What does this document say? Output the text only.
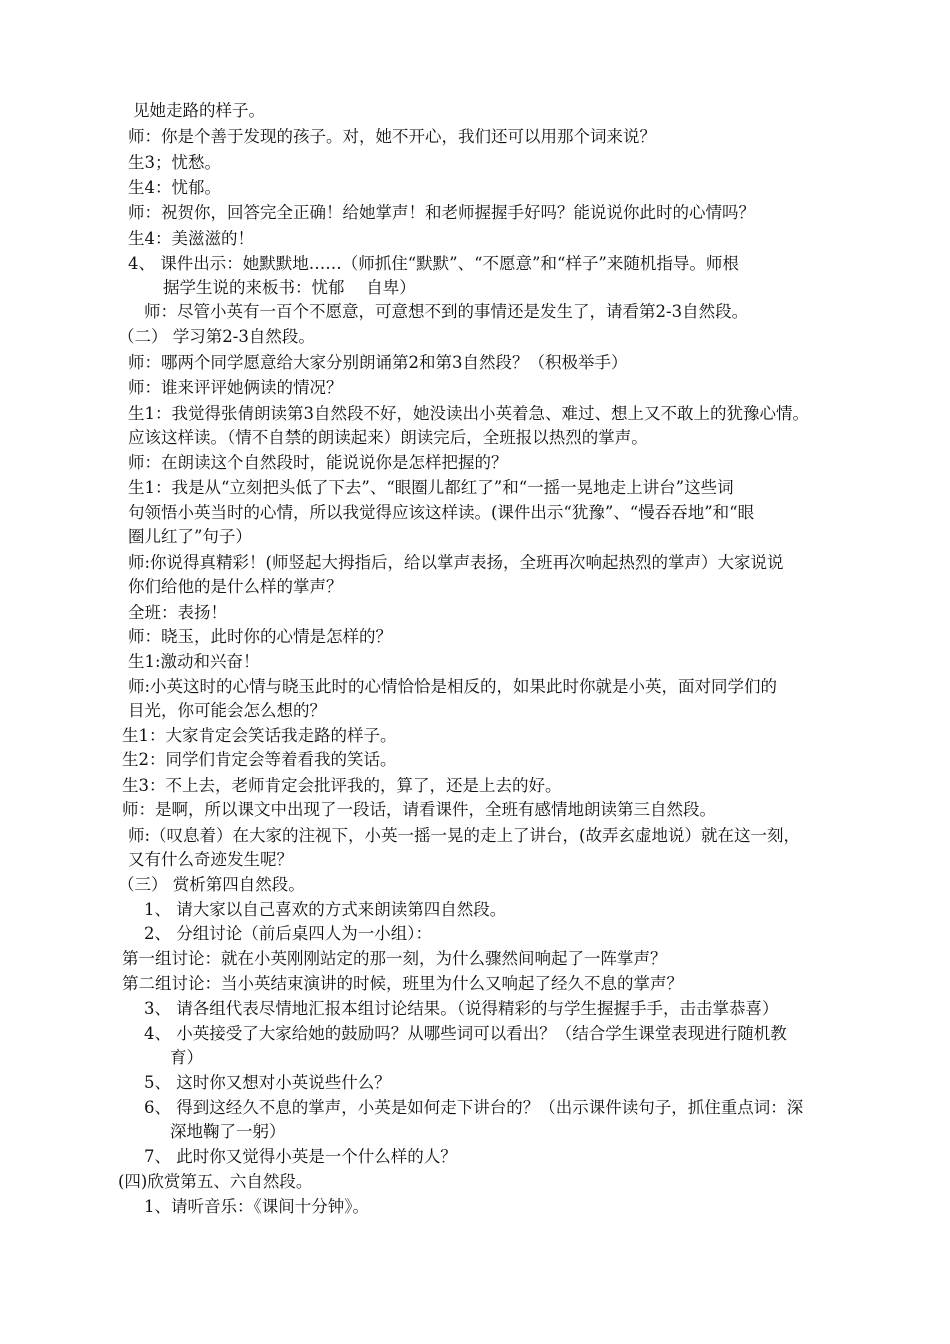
见她走路的样子。
师：你是个善于发现的孩子。对，她不开心，我们还可以用那个词来说？
生3；忧愁。
生4：忧郁。
师：祝贺你，回答完全正确！给她掌声！和老师握握手好吗？能说说你此时的心情吗？
生4：美滋滋的！
4、 课件出示：她默默地……（师抓住“默默”、“不愿意”和“样子”来随机指导。师根
据学生说的来板书：忧郁　 自卑）
师：尽管小英有一百个不愿意，可意想不到的事情还是发生了，请看第2-3自然段。
（二） 学习第2-3自然段。
师：哪两个同学愿意给大家分别朗诵第2和第3自然段？（积极举手）
师：谁来评评她俩读的情况？
生1：我觉得张倩朗读第3自然段不好，她没读出小英着急、难过、想上又不敢上的犹豫心情。
应该这样读。（情不自禁的朗读起来）朗读完后，全班报以热烈的掌声。
师：在朗读这个自然段时，能说说你是怎样把握的？
生1：我是从“立刻把头低了下去”、“眼圈儿都红了”和“一摇一晃地走上讲台”这些词
句领悟小英当时的心情，所以我觉得应该这样读。(课件出示“犹豫”、“慢吞吞地”和“眼
圈儿红了”句子）
师:你说得真精彩！(师竖起大拇指后，给以掌声表扬，全班再次响起热烈的掌声）大家说说
你们给他的是什么样的掌声？
全班：表扬！
师：晓玉，此时你的心情是怎样的？
生1:激动和兴奋！
师:小英这时的心情与晓玉此时的心情恰恰是相反的，如果此时你就是小英，面对同学们的
目光，你可能会怎么想的？
生1：大家肯定会笑话我走路的样子。
生2：同学们肯定会等着看我的笑话。
生3：不上去，老师肯定会批评我的，算了，还是上去的好。
师：是啊，所以课文中出现了一段话，请看课件，全班有感情地朗读第三自然段。
师:（叹息着）在大家的注视下，小英一摇一晃的走上了讲台，(故弄玄虚地说）就在这一刻，
又有什么奇迹发生呢？
（三） 赏析第四自然段。
1、 请大家以自己喜欢的方式来朗读第四自然段。
2、 分组讨论（前后桌四人为一小组）：
第一组讨论：就在小英刚刚站定的那一刻，为什么骤然间响起了一阵掌声？
第二组讨论：当小英结束演讲的时候，班里为什么又响起了经久不息的掌声？
3、 请各组代表尽情地汇报本组讨论结果。（说得精彩的与学生握握手手，击击掌恭喜）
4、 小英接受了大家给她的鼓励吗？从哪些词可以看出？（结合学生课堂表现进行随机教
育）
5、 这时你又想对小英说些什么？
6、 得到这经久不息的掌声，小英是如何走下讲台的？（出示课件读句子，抓住重点词：深
深地鞠了一躬）
7、 此时你又觉得小英是一个什么样的人？
(四)欣赏第五、六自然段。
1、请听音乐：《课间十分钟》。
